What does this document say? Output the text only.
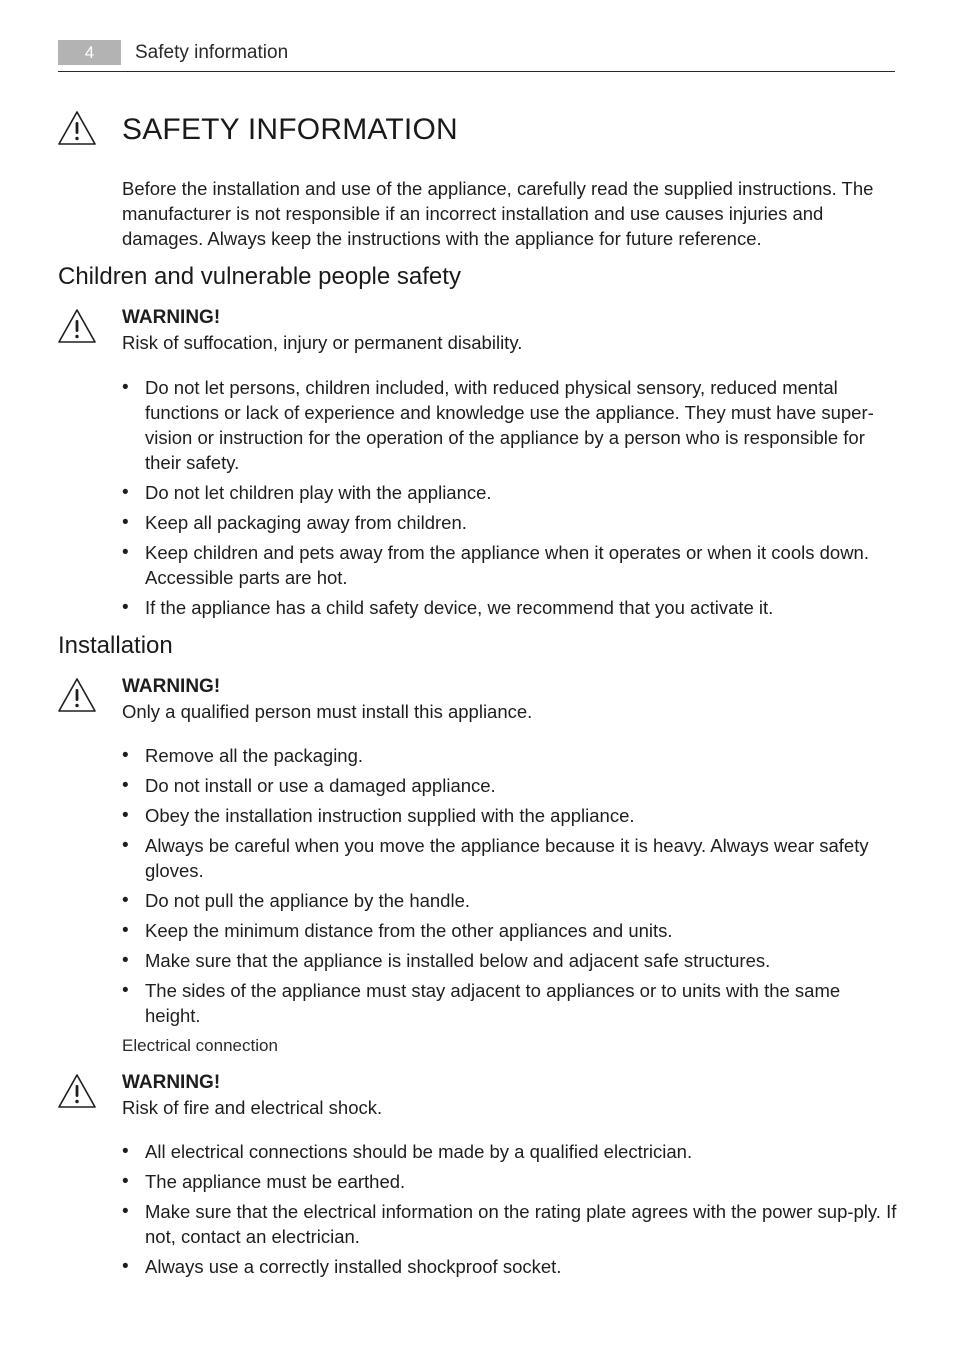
4	Safety information
SAFETY INFORMATION
Before the installation and use of the appliance, carefully read the supplied instructions. The manufacturer is not responsible if an incorrect installation and use causes injuries and damages. Always keep the instructions with the appliance for future reference.
Children and vulnerable people safety
WARNING!
Risk of suffocation, injury or permanent disability.
• Do not let persons, children included, with reduced physical sensory, reduced mental functions or lack of experience and knowledge use the appliance. They must have super-vision or instruction for the operation of the appliance by a person who is responsible for their safety.
• Do not let children play with the appliance.
• Keep all packaging away from children.
• Keep children and pets away from the appliance when it operates or when it cools down. Accessible parts are hot.
• If the appliance has a child safety device, we recommend that you activate it.
Installation
WARNING!
Only a qualified person must install this appliance.
• Remove all the packaging.
• Do not install or use a damaged appliance.
• Obey the installation instruction supplied with the appliance.
• Always be careful when you move the appliance because it is heavy. Always wear safety gloves.
• Do not pull the appliance by the handle.
• Keep the minimum distance from the other appliances and units.
• Make sure that the appliance is installed below and adjacent safe structures.
• The sides of the appliance must stay adjacent to appliances or to units with the same height.
Electrical connection
WARNING!
Risk of fire and electrical shock.
• All electrical connections should be made by a qualified electrician.
• The appliance must be earthed.
• Make sure that the electrical information on the rating plate agrees with the power sup-ply. If not, contact an electrician.
• Always use a correctly installed shockproof socket.
